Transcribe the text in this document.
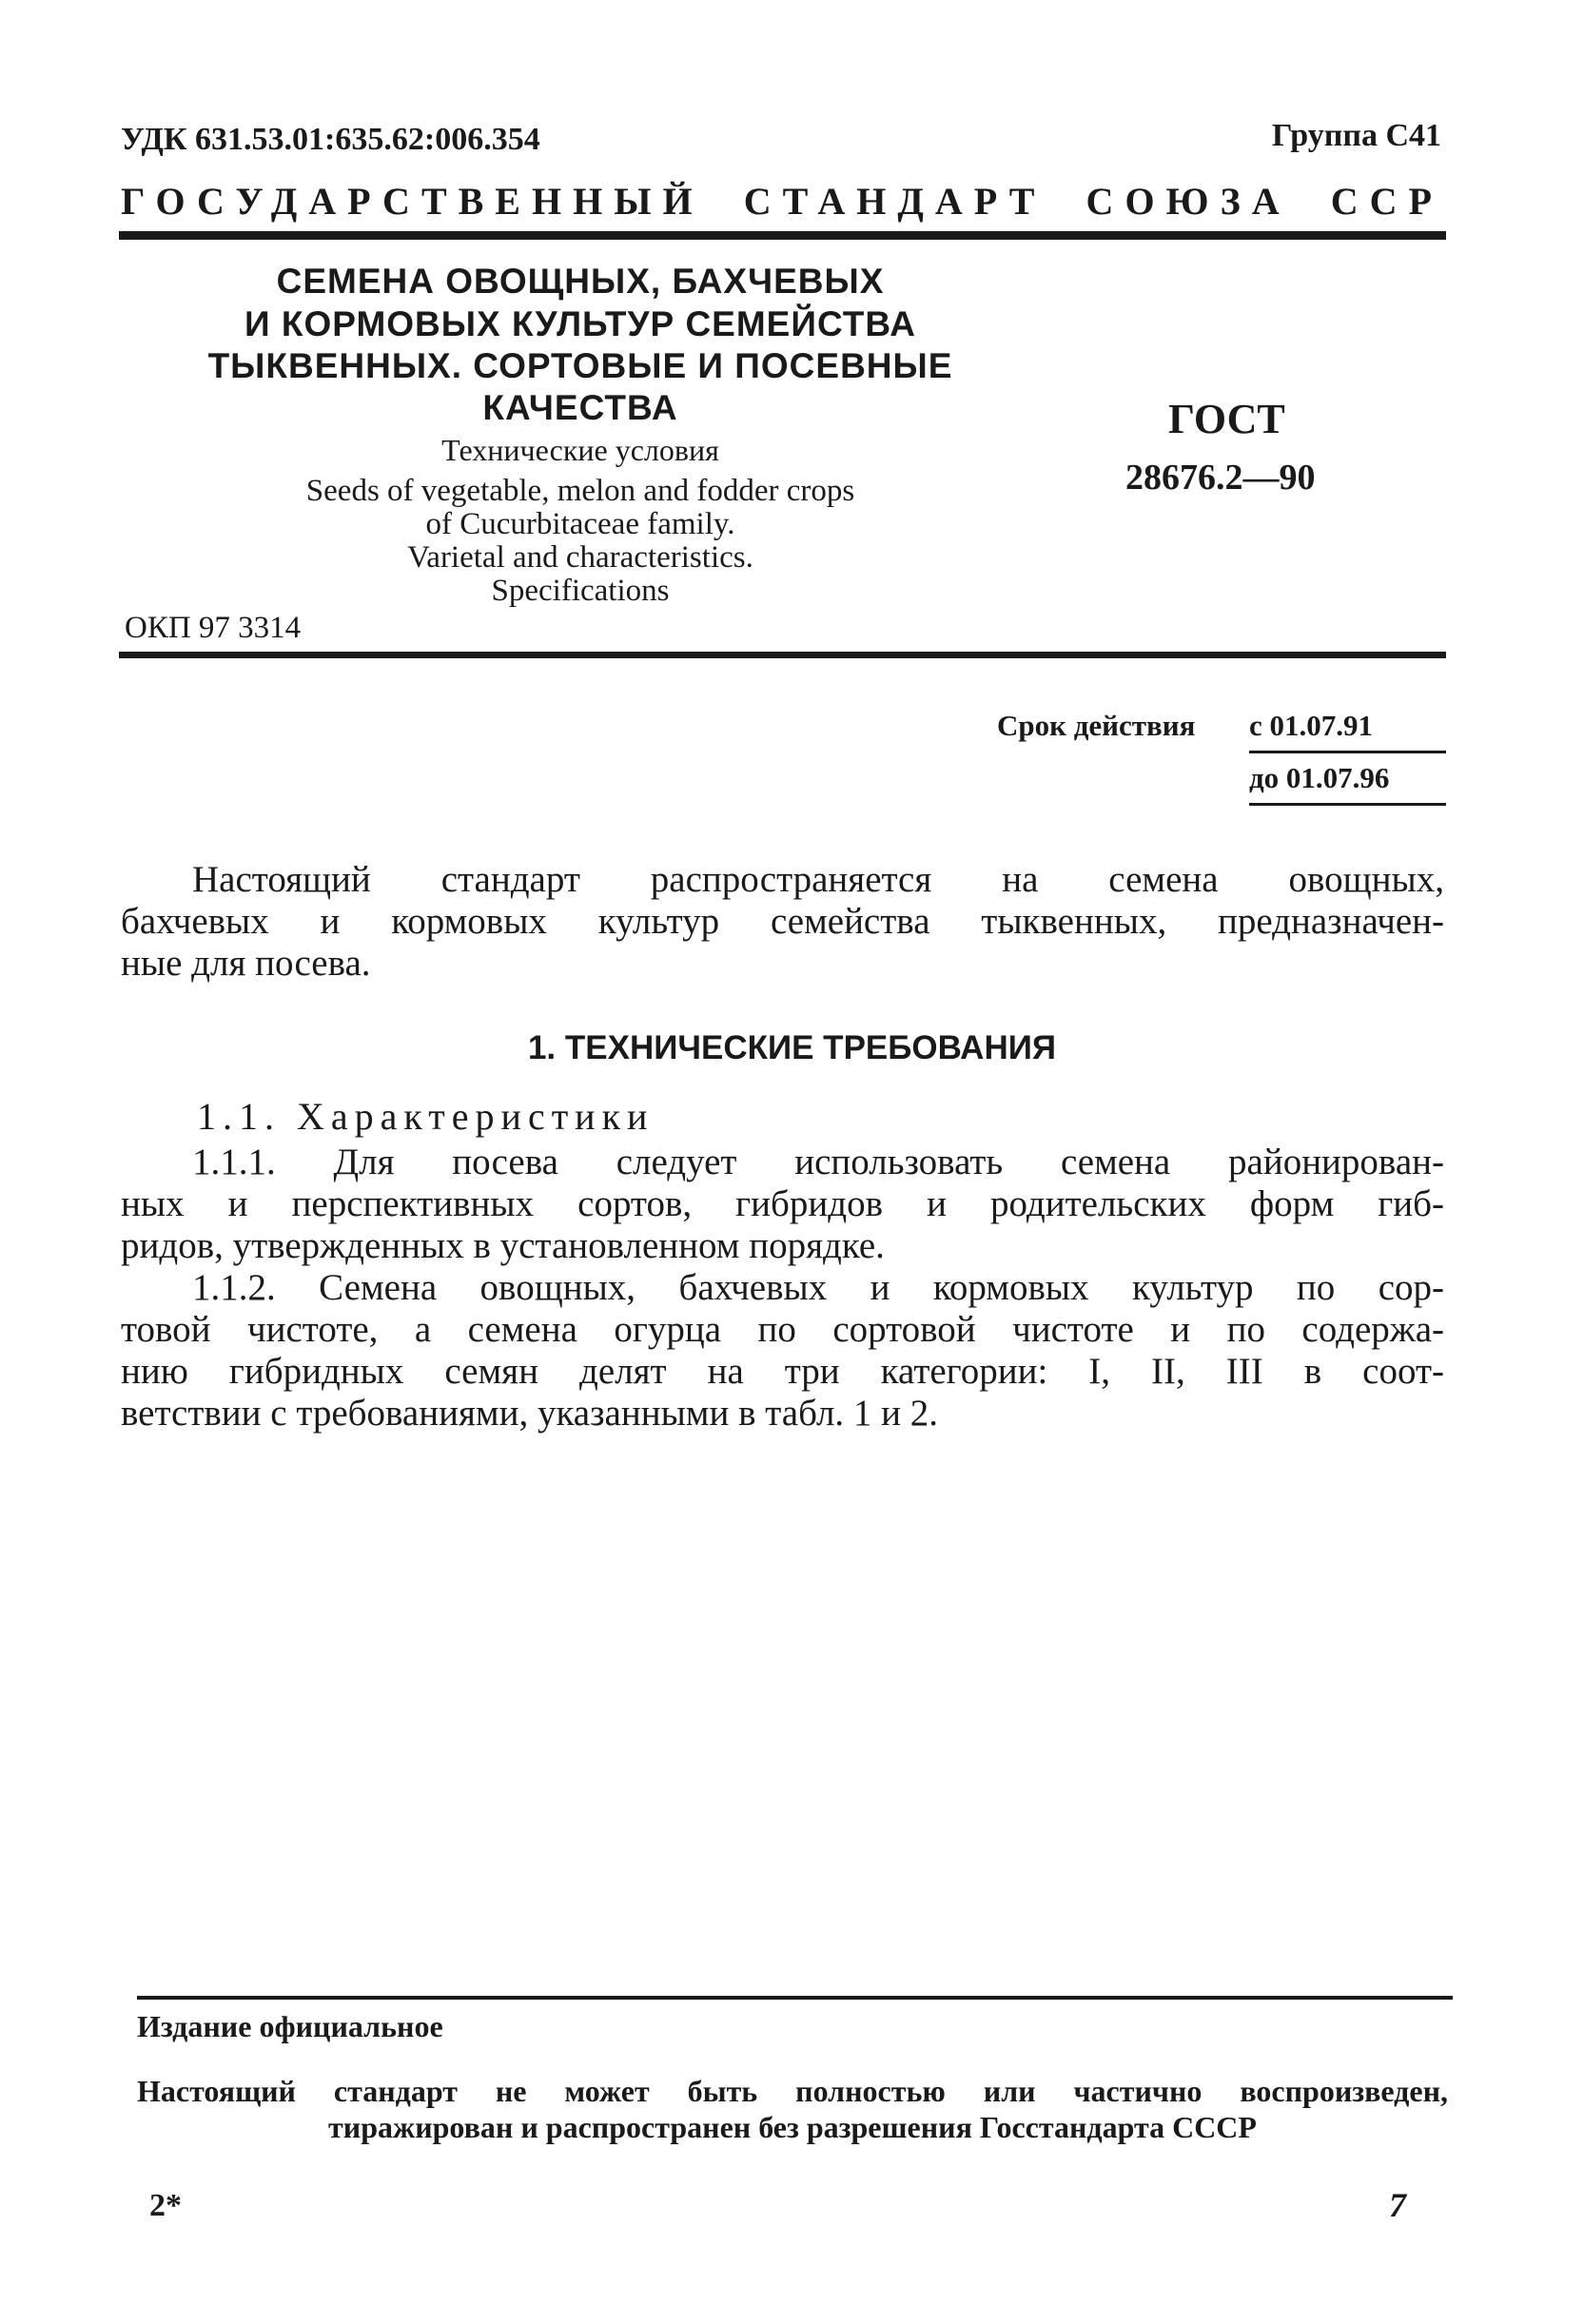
УДК 631.53.01:635.62:006.354	Группа С41
ГОСУДАРСТВЕННЫЙ СТАНДАРТ СОЮЗА ССР
СЕМЕНА ОВОЩНЫХ, БАХЧЕВЫХ
И КОРМОВЫХ КУЛЬТУР СЕМЕЙСТВА
ТЫКВЕННЫХ. СОРТОВЫЕ И ПОСЕВНЫЕ
КАЧЕСТВА
Технические условия
Seeds of vegetable, melon and fodder crops
of Cucurbitaceae family.
Varietal and characteristics.
Specifications
ГОСТ
28676.2—90
ОКП 97 3314
Срок действия с 01.07.91
до 01.07.96
Настоящий стандарт распространяется на семена овощных,
бахчевых и кормовых культур семейства тыквенных, предназначен-
ные для посева.
1. ТЕХНИЧЕСКИЕ ТРЕБОВАНИЯ
1.1. Характеристики
1.1.1. Для посева следует использовать семена районирован-
ных и перспективных сортов, гибридов и родительских форм гиб-
ридов, утвержденных в установленном порядке.
1.1.2. Семена овощных, бахчевых и кормовых культур по сор-
товой чистоте, а семена огурца по сортовой чистоте и по содержа-
нию гибридных семян делят на три категории: I, II, III в соот-
ветствии с требованиями, указанными в табл. 1 и 2.
Издание официальное
Настоящий стандарт не может быть полностью или частично воспроизведен,
тиражирован и распространен без разрешения Госстандарта СССР
2*	7
